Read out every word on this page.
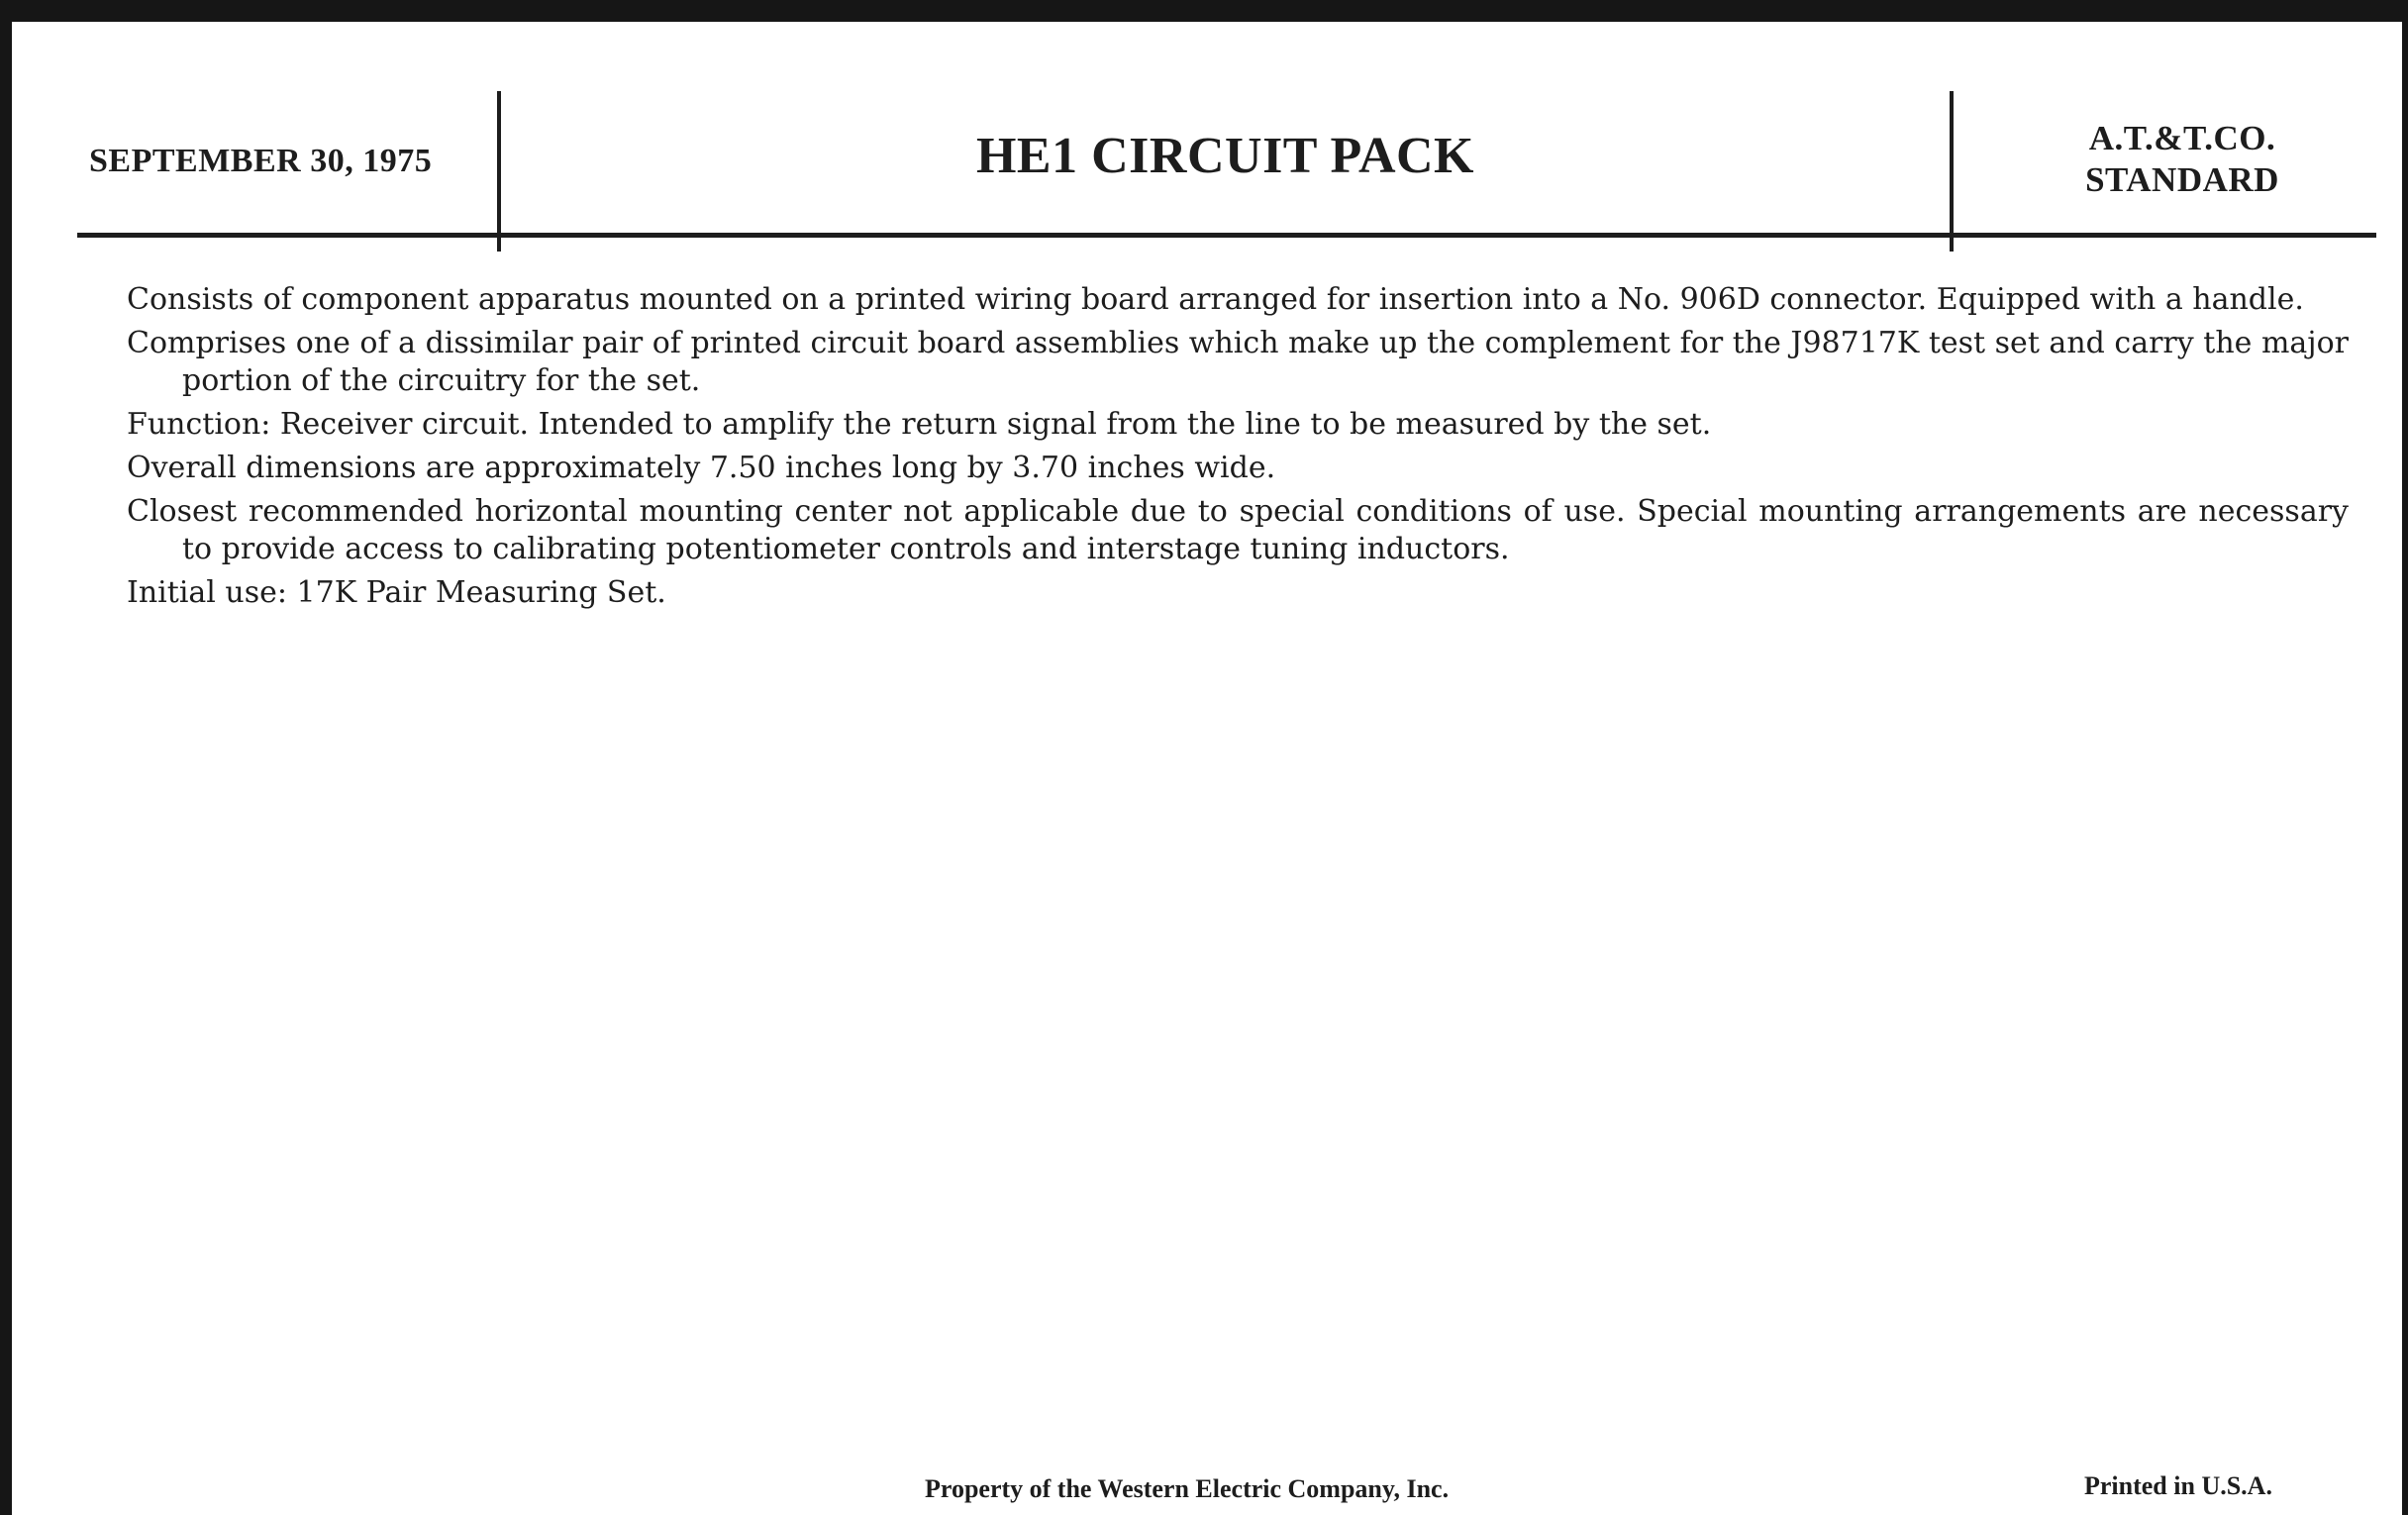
SEPTEMBER 30, 1975	HE1 CIRCUIT PACK	A.T.&T.CO.
STANDARD

Consists of component apparatus mounted on a printed wiring board arranged for insertion into a No. 906D connector. Equipped with a handle.

Comprises one of a dissimilar pair of printed circuit board assemblies which make up the complement for the J98717K test set and carry the major portion of the circuitry for the set.

Function: Receiver circuit. Intended to amplify the return signal from the line to be measured by the set.

Overall dimensions are approximately 7.50 inches long by 3.70 inches wide.

Closest recommended horizontal mounting center not applicable due to special conditions of use. Special mounting arrangements are necessary to provide access to calibrating potentiometer controls and interstage tuning inductors.

Initial use: 17K Pair Measuring Set.

Property of the Western Electric Company, Inc.	Printed in U.S.A.
